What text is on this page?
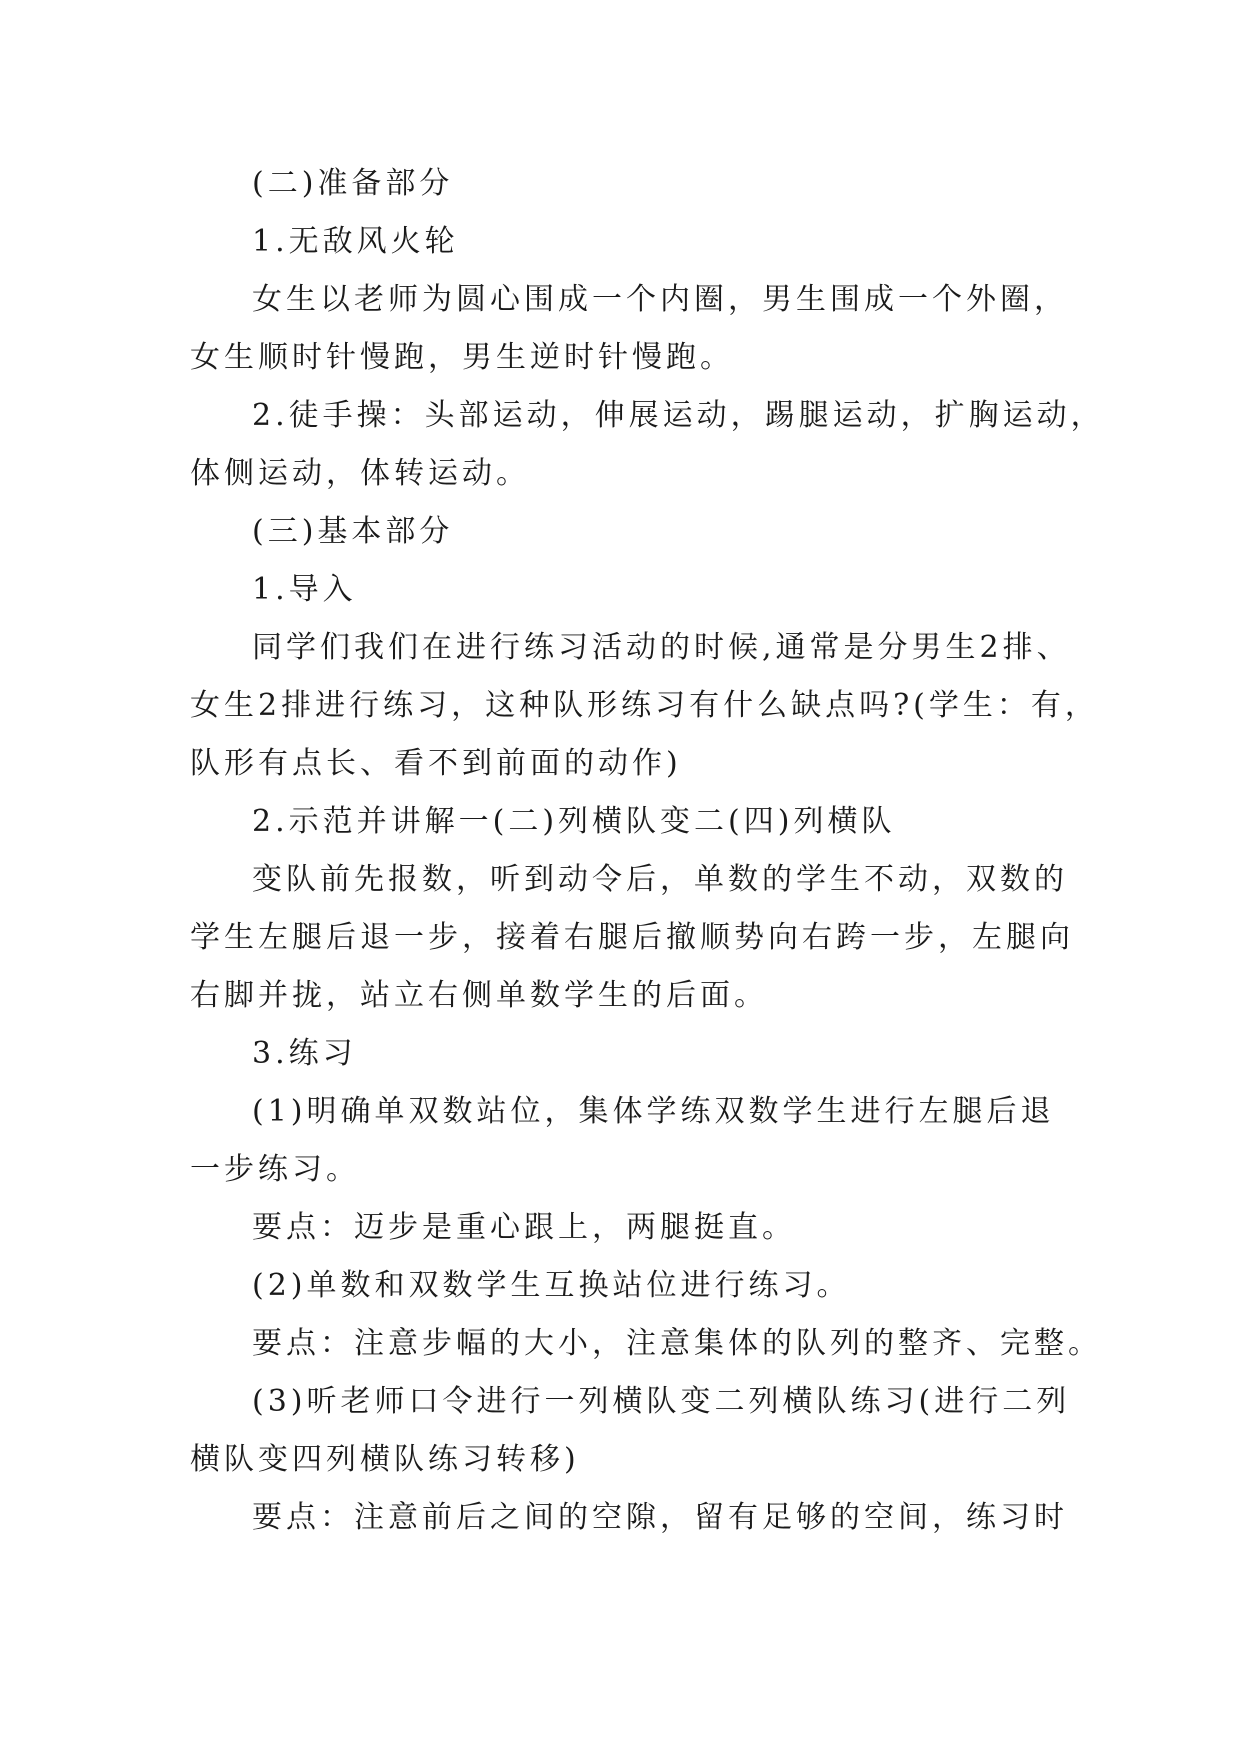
(二)准备部分
1.无敌风火轮
女生以老师为圆心围成一个内圈，男生围成一个外圈，
女生顺时针慢跑，男生逆时针慢跑。
2.徒手操：头部运动，伸展运动，踢腿运动，扩胸运动，
体侧运动，体转运动。
(三)基本部分
1.导入
同学们我们在进行练习活动的时候,通常是分男生2排、
女生2排进行练习，这种队形练习有什么缺点吗?(学生：有，
队形有点长、看不到前面的动作)
2.示范并讲解一(二)列横队变二(四)列横队
变队前先报数，听到动令后，单数的学生不动，双数的
学生左腿后退一步，接着右腿后撤顺势向右跨一步，左腿向
右脚并拢，站立右侧单数学生的后面。
3.练习
(1)明确单双数站位，集体学练双数学生进行左腿后退
一步练习。
要点：迈步是重心跟上，两腿挺直。
(2)单数和双数学生互换站位进行练习。
要点：注意步幅的大小，注意集体的队列的整齐、完整。
(3)听老师口令进行一列横队变二列横队练习(进行二列
横队变四列横队练习转移)
要点：注意前后之间的空隙，留有足够的空间，练习时
